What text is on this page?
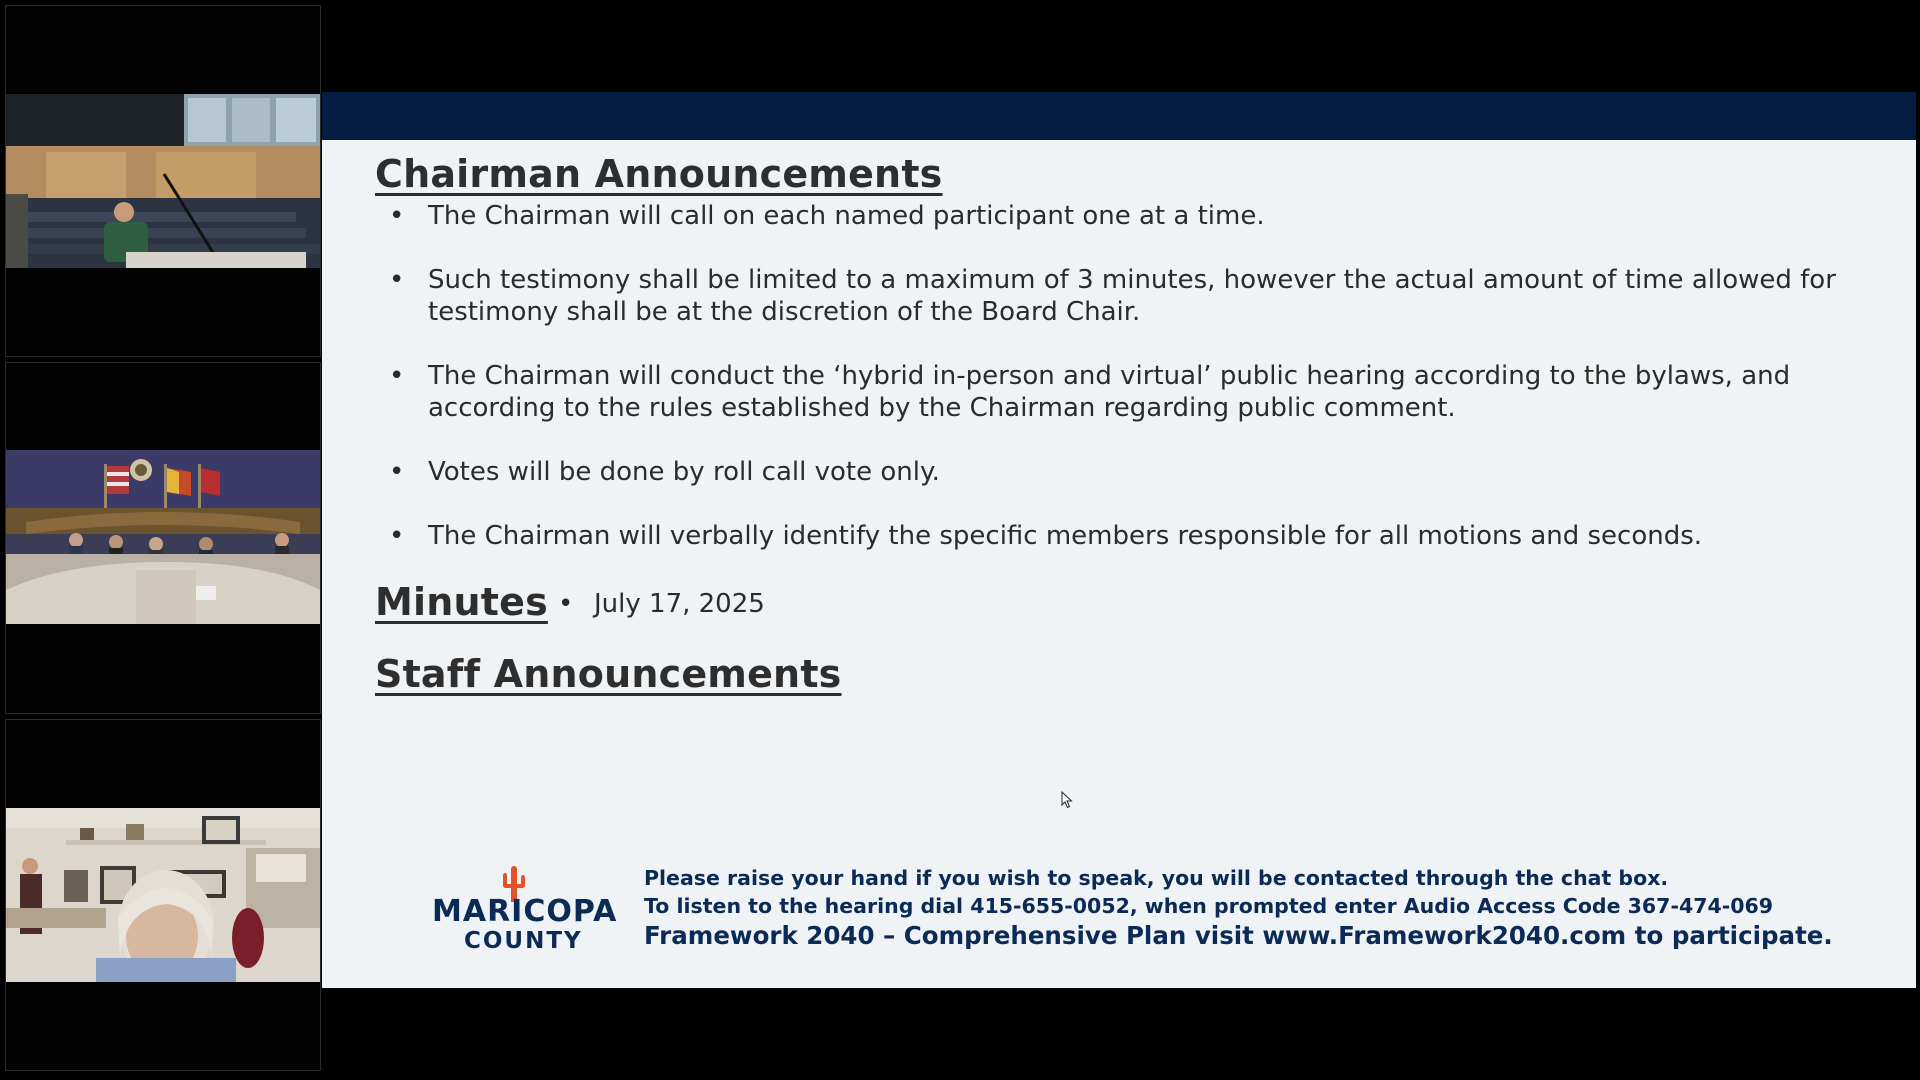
Chairman Announcements
• The Chairman will call on each named participant one at a time.
• Such testimony shall be limited to a maximum of 3 minutes, however the actual amount of time allowed for testimony shall be at the discretion of the Board Chair.
• The Chairman will conduct the ‘hybrid in-person and virtual’ public hearing according to the bylaws, and according to the rules established by the Chairman regarding public comment.
• Votes will be done by roll call vote only.
• The Chairman will verbally identify the specific members responsible for all motions and seconds.
Minutes • July 17, 2025
Staff Announcements
MARICOPA
COUNTY
Please raise your hand if you wish to speak, you will be contacted through the chat box.
To listen to the hearing dial 415-655-0052, when prompted enter Audio Access Code 367-474-069
Framework 2040 – Comprehensive Plan visit www.Framework2040.com to participate.
